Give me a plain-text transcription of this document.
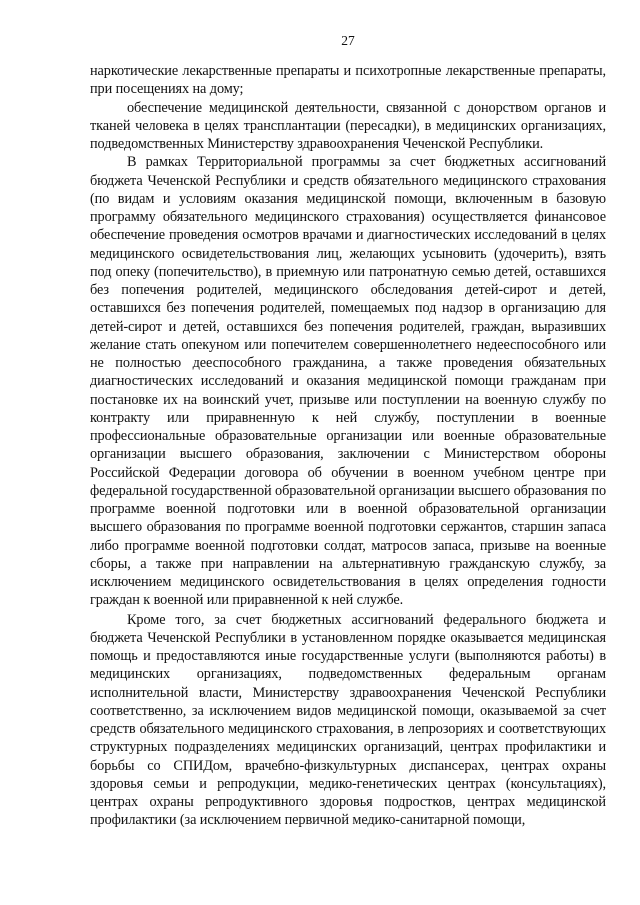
27

наркотические лекарственные препараты и психотропные лекарственные препараты, при посещениях на дому;

обеспечение медицинской деятельности, связанной с донорством органов и тканей человека в целях трансплантации (пересадки), в медицинских организациях, подведомственных Министерству здравоохранения Чеченской Республики.

В рамках Территориальной программы за счет бюджетных ассигнований бюджета Чеченской Республики и средств обязательного медицинского страхования (по видам и условиям оказания медицинской помощи, включенным в базовую программу обязательного медицинского страхования) осуществляется финансовое обеспечение проведения осмотров врачами и диагностических исследований в целях медицинского освидетельствования лиц, желающих усыновить (удочерить), взять под опеку (попечительство), в приемную или патронатную семью детей, оставшихся без попечения родителей, медицинского обследования детей-сирот и детей, оставшихся без попечения родителей, помещаемых под надзор в организацию для детей-сирот и детей, оставшихся без попечения родителей, граждан, выразивших желание стать опекуном или попечителем совершеннолетнего недееспособного или не полностью дееспособного гражданина, а также проведения обязательных диагностических исследований и оказания медицинской помощи гражданам при постановке их на воинский учет, призыве или поступлении на военную службу по контракту или приравненную к ней службу, поступлении в военные профессиональные образовательные организации или военные образовательные организации высшего образования, заключении с Министерством обороны Российской Федерации договора об обучении в военном учебном центре при федеральной государственной образовательной организации высшего образования по программе военной подготовки или в военной образовательной организации высшего образования по программе военной подготовки сержантов, старшин запаса либо программе военной подготовки солдат, матросов запаса, призыве на военные сборы, а также при направлении на альтернативную гражданскую службу, за исключением медицинского освидетельствования в целях определения годности граждан к военной или приравненной к ней службе.

Кроме того, за счет бюджетных ассигнований федерального бюджета и бюджета Чеченской Республики в установленном порядке оказывается медицинская помощь и предоставляются иные государственные услуги (выполняются работы) в медицинских организациях, подведомственных федеральным органам исполнительной власти, Министерству здравоохранения Чеченской Республики соответственно, за исключением видов медицинской помощи, оказываемой за счет средств обязательного медицинского страхования, в лепрозориях и соответствующих структурных подразделениях медицинских организаций, центрах профилактики и борьбы со СПИДом, врачебно-физкультурных диспансерах, центрах охраны здоровья семьи и репродукции, медико-генетических центрах (консультациях), центрах охраны репродуктивного здоровья подростков, центрах медицинской профилактики (за исключением первичной медико-санитарной помощи,
